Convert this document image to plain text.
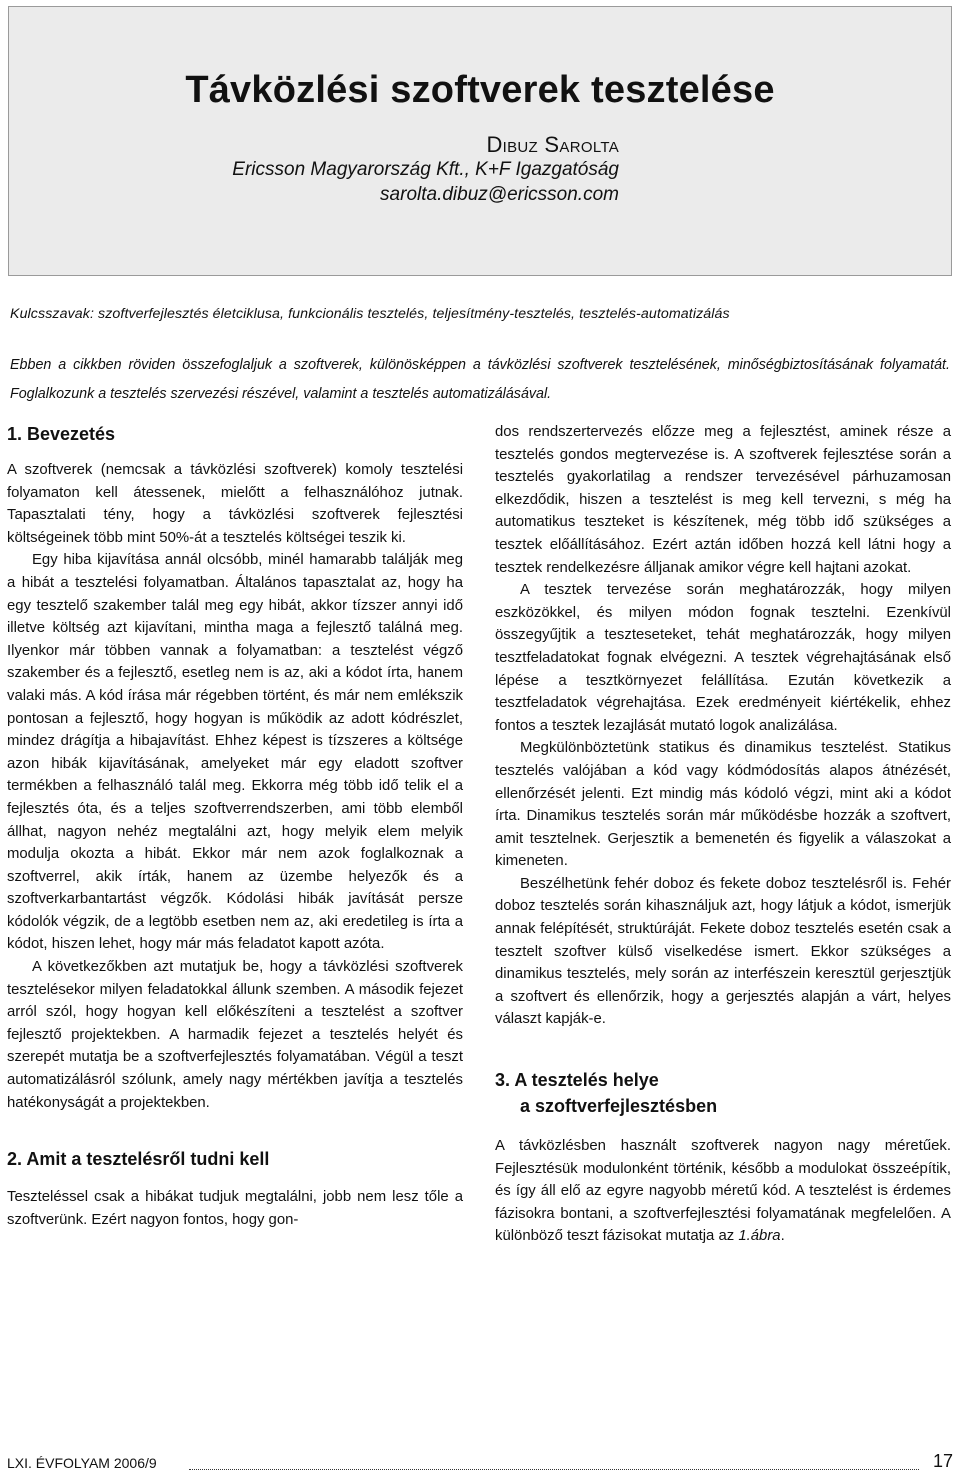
Távközlési szoftverek tesztelése
Dibuz Sarolta
Ericsson Magyarország Kft., K+F Igazgatóság
sarolta.dibuz@ericsson.com
Kulcsszavak: szoftverfejlesztés életciklusa, funkcionális tesztelés, teljesítmény-tesztelés, tesztelés-automatizálás

Ebben a cikkben röviden összefoglaljuk a szoftverek, különösképpen a távközlési szoftverek tesztelésének, minőségbiztosításának folyamatát. Foglalkozunk a tesztelés szervezési részével, valamint a tesztelés automatizálásával.

1. Bevezetés

A szoftverek (nemcsak a távközlési szoftverek) komoly tesztelési folyamaton kell átessenek, mielőtt a felhasználóhoz jutnak. Tapasztalati tény, hogy a távközlési szoftverek fejlesztési költségeinek több mint 50%-át a tesztelés költségei teszik ki.

Egy hiba kijavítása annál olcsóbb, minél hamarabb találják meg a hibát a tesztelési folyamatban. Általános tapasztalat az, hogy ha egy tesztelő szakember talál meg egy hibát, akkor tízszer annyi idő illetve költség azt kijavítani, mintha maga a fejlesztő találná meg. Ilyenkor már többen vannak a folyamatban: a tesztelést végző szakember és a fejlesztő, esetleg nem is az, aki a kódot írta, hanem valaki más. A kód írása már régebben történt, és már nem emlékszik pontosan a fejlesztő, hogy hogyan is működik az adott kódrészlet, mindez drágítja a hibajavítást. Ehhez képest is tízszeres a költsége azon hibák kijavításának, amelyeket már egy eladott szoftver termékben a felhasználó talál meg. Ekkorra még több idő telik el a fejlesztés óta, és a teljes szoftverrendszerben, ami több elemből állhat, nagyon nehéz megtalálni azt, hogy melyik elem melyik modulja okozta a hibát. Ekkor már nem azok foglalkoznak a szoftverrel, akik írták, hanem az üzembe helyezők és a szoftverkarbantartást végzők. Kódolási hibák javítását persze kódolók végzik, de a legtöbb esetben nem az, aki eredetileg is írta a kódot, hiszen lehet, hogy már más feladatot kapott azóta.

A következőkben azt mutatjuk be, hogy a távközlési szoftverek tesztelésekor milyen feladatokkal állunk szemben. A második fejezet arról szól, hogy hogyan kell előkészíteni a tesztelést a szoftver fejlesztő projektekben. A harmadik fejezet a tesztelés helyét és szerepét mutatja be a szoftverfejlesztés folyamatában. Végül a teszt automatizálásról szólunk, amely nagy mértékben javítja a tesztelés hatékonyságát a projektekben.

2. Amit a tesztelésről tudni kell

Teszteléssel csak a hibákat tudjuk megtalálni, jobb nem lesz tőle a szoftverünk. Ezért nagyon fontos, hogy gon-

dos rendszertervezés előzze meg a fejlesztést, aminek része a tesztelés gondos megtervezése is. A szoftverek fejlesztése során a tesztelés gyakorlatilag a rendszer tervezésével párhuzamosan elkezdődik, hiszen a tesztelést is meg kell tervezni, s még ha automatikus teszteket is készítenek, még több idő szükséges a tesztek előállításához. Ezért aztán időben hozzá kell látni hogy a tesztek rendelkezésre álljanak amikor végre kell hajtani azokat.

A tesztek tervezése során meghatározzák, hogy milyen eszközökkel, és milyen módon fognak tesztelni. Ezenkívül összegyűjtik a teszteseteket, tehát meghatározzák, hogy milyen tesztfeladatokat fognak elvégezni. A tesztek végrehajtásának első lépése a tesztkörnyezet felállítása. Ezután következik a tesztfeladatok végrehajtása. Ezek eredményeit kiértékelik, ehhez fontos a tesztek lezajlását mutató logok analizálása.

Megkülönböztetünk statikus és dinamikus tesztelést. Statikus tesztelés valójában a kód vagy kódmódosítás alapos átnézését, ellenőrzését jelenti. Ezt mindig más kódoló végzi, mint aki a kódot írta. Dinamikus tesztelés során már működésbe hozzák a szoftvert, amit tesztelnek. Gerjesztik a bemenetén és figyelik a válaszokat a kimeneten.

Beszélhetünk fehér doboz és fekete doboz tesztelésről is. Fehér doboz tesztelés során kihasználjuk azt, hogy látjuk a kódot, ismerjük annak felépítését, struktúráját. Fekete doboz tesztelés esetén csak a tesztelt szoftver külső viselkedése ismert. Ekkor szükséges a dinamikus tesztelés, mely során az interfészein keresztül gerjesztjük a szoftvert és ellenőrzik, hogy a gerjesztés alapján a várt, helyes választ kapják-e.

3. A tesztelés helye
a szoftverfejlesztésben

A távközlésben használt szoftverek nagyon nagy méretűek. Fejlesztésük modulonként történik, később a modulokat összeépítik, és így áll elő az egyre nagyobb méretű kód. A tesztelést is érdemes fázisokra bontani, a szoftverfejlesztési folyamatának megfelelően. A különböző teszt fázisokat mutatja az 1.ábra.

LXI. ÉVFOLYAM 2006/9	17
